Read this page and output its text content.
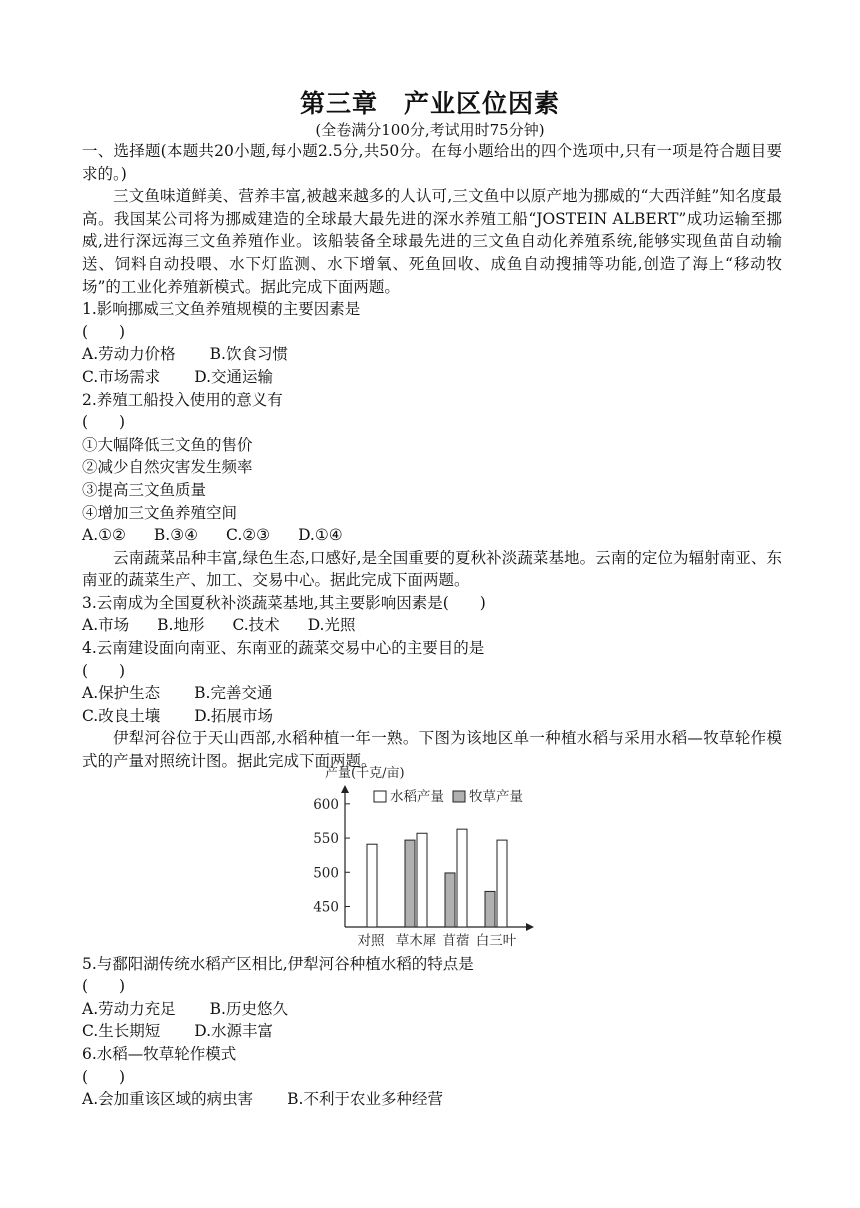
第三章　产业区位因素
(全卷满分100分,考试用时75分钟)

一、选择题(本题共20小题,每小题2.5分,共50分。在每小题给出的四个选项中,只有一项是符合题目要求的。)

三文鱼味道鲜美、营养丰富,被越来越多的人认可,三文鱼中以原产地为挪威的“大西洋鲑”知名度最高。我国某公司将为挪威建造的全球最大最先进的深水养殖工船“JOSTEIN ALBERT”成功运输至挪威,进行深远海三文鱼养殖作业。该船装备全球最先进的三文鱼自动化养殖系统,能够实现鱼苗自动输送、饲料自动投喂、水下灯监测、水下增氧、死鱼回收、成鱼自动搜捕等功能,创造了海上“移动牧场”的工业化养殖新模式。据此完成下面两题。

1.影响挪威三文鱼养殖规模的主要因素是

(　　)

A.劳动力价格 B.饮食习惯
C.市场需求 D.交通运输

2.养殖工船投入使用的意义有

(　　)

①大幅降低三文鱼的售价

②减少自然灾害发生频率

③提高三文鱼质量

④增加三文鱼养殖空间

A.①② B.③④ C.②③ D.①④

云南蔬菜品种丰富,绿色生态,口感好,是全国重要的夏秋补淡蔬菜基地。云南的定位为辐射南亚、东南亚的蔬菜生产、加工、交易中心。据此完成下面两题。

3.云南成为全国夏秋补淡蔬菜基地,其主要影响因素是(　　)

A.市场 B.地形 C.技术 D.光照

4.云南建设面向南亚、东南亚的蔬菜交易中心的主要目的是

(　　)

A.保护生态 B.完善交通
C.改良土壤 D.拓展市场

伊犁河谷位于天山西部,水稻种植一年一熟。下图为该地区单一种植水稻与采用水稻—牧草轮作模式的产量对照统计图。据此完成下面两题。

产量(千克/亩)
450
500
550
600
对照 草木犀 苜蓿 白三叶
水稻产量 牧草产量

5.与鄱阳湖传统水稻产区相比,伊犁河谷种植水稻的特点是

(　　)

A.劳动力充足 B.历史悠久
C.生长期短 D.水源丰富

6.水稻—牧草轮作模式

(　　)

A.会加重该区域的病虫害 B.不利于农业多种经营
